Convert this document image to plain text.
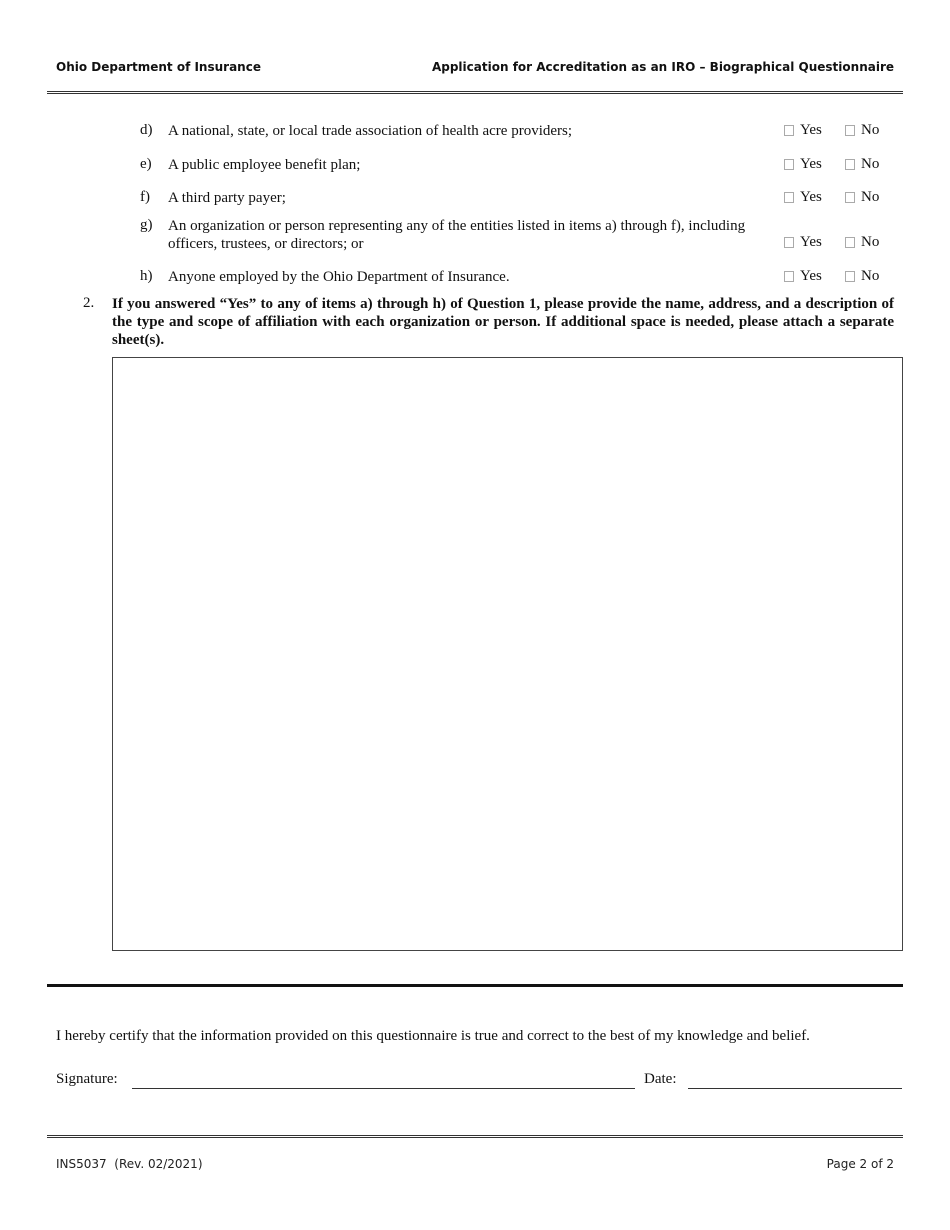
Ohio Department of Insurance	Application for Accreditation as an IRO – Biographical Questionnaire
d) A national, state, or local trade association of health acre providers;	Yes	No
e) A public employee benefit plan;	Yes	No
f) A third party payer;	Yes	No
g) An organization or person representing any of the entities listed in items a) through f), including officers, trustees, or directors; or	Yes	No
h) Anyone employed by the Ohio Department of Insurance.	Yes	No
2. If you answered “Yes” to any of items a) through h) of Question 1, please provide the name, address, and a description of the type and scope of affiliation with each organization or person. If additional space is needed, please attach a separate sheet(s).
I hereby certify that the information provided on this questionnaire is true and correct to the best of my knowledge and belief.
Signature:	Date:
INS5037  (Rev. 02/2021)	Page 2 of 2
